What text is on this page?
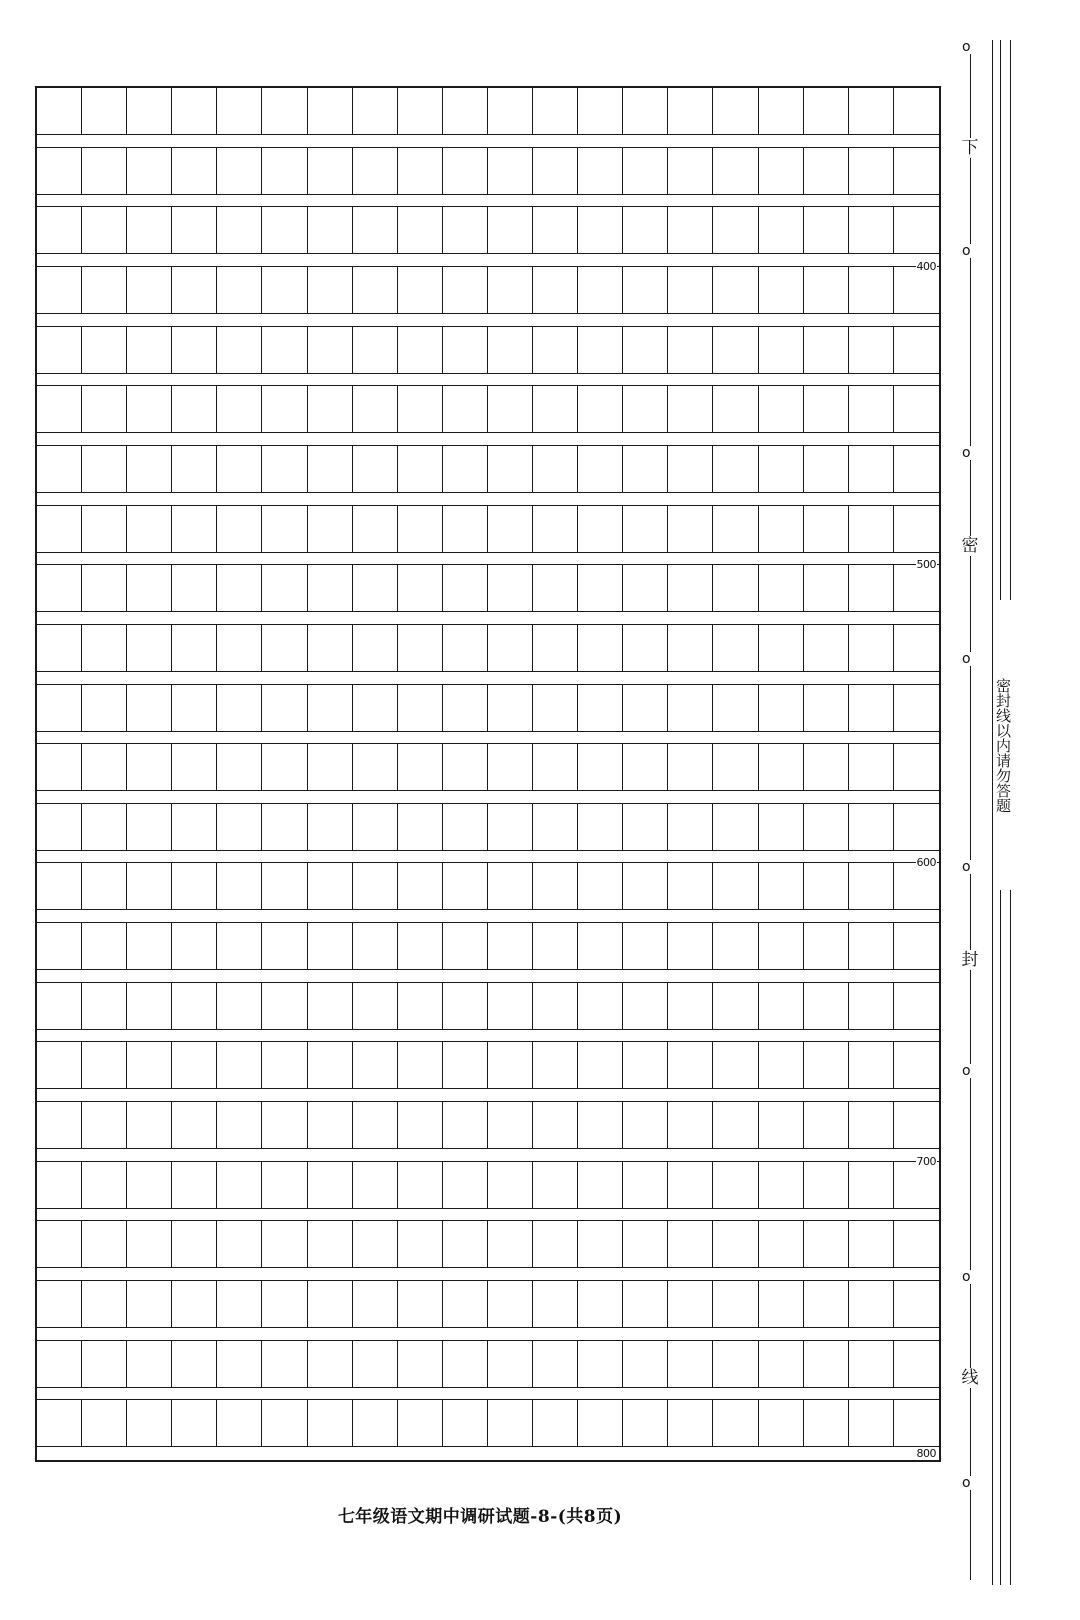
400
500
600
700
800
七年级语文期中调研试题-8-(共8页)
o
下
o
o
密
o
密封线以内请勿答题
o
封
o
o
线
o
